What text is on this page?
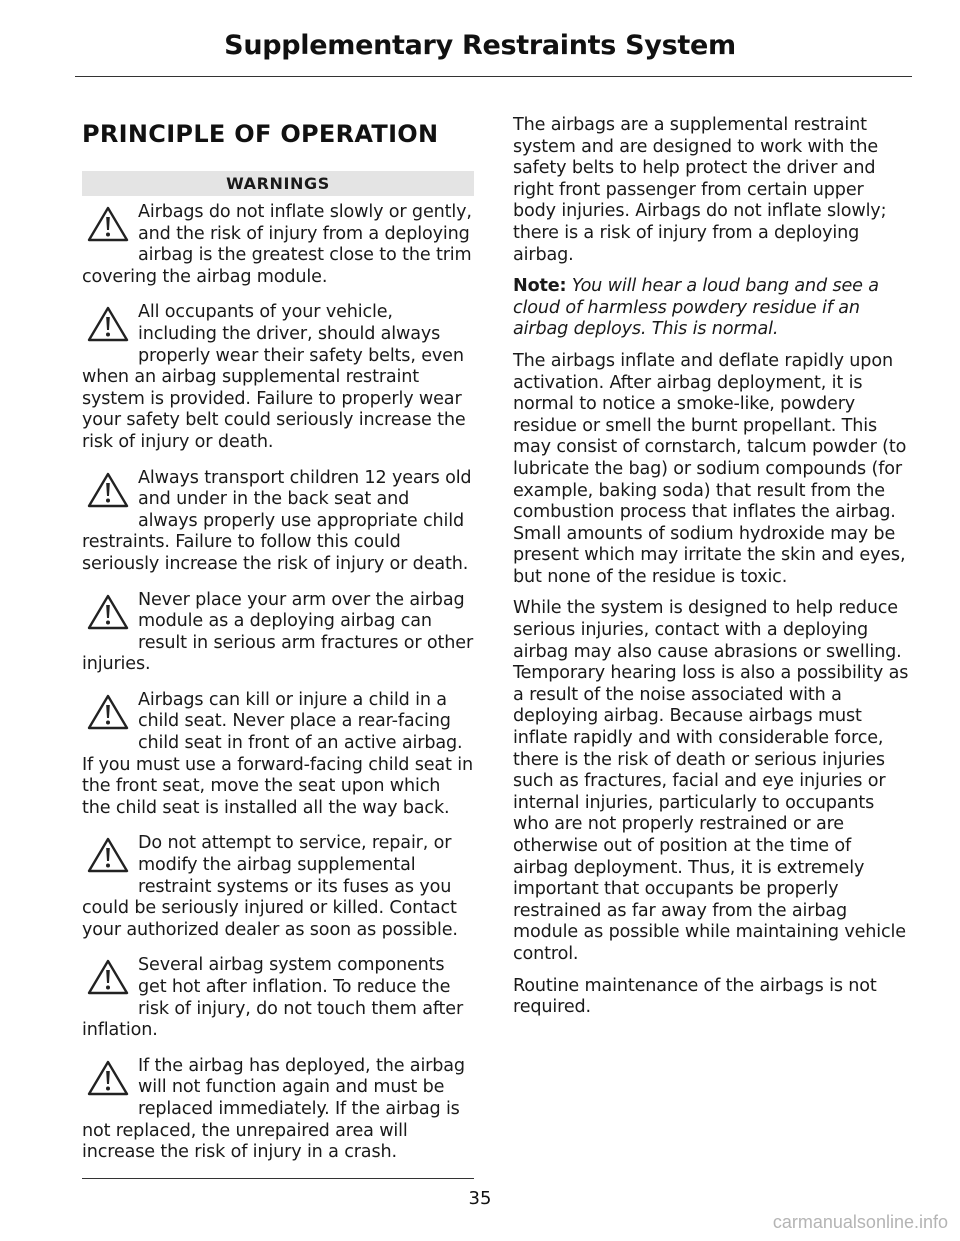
Supplementary Restraints System
PRINCIPLE OF OPERATION
WARNINGS
Airbags do not inflate slowly or gently, and the risk of injury from a deploying airbag is the greatest close to the trim covering the airbag module.
All occupants of your vehicle, including the driver, should always properly wear their safety belts, even when an airbag supplemental restraint system is provided. Failure to properly wear your safety belt could seriously increase the risk of injury or death.
Always transport children 12 years old and under in the back seat and always properly use appropriate child restraints. Failure to follow this could seriously increase the risk of injury or death.
Never place your arm over the airbag module as a deploying airbag can result in serious arm fractures or other injuries.
Airbags can kill or injure a child in a child seat. Never place a rear-facing child seat in front of an active airbag. If you must use a forward-facing child seat in the front seat, move the seat upon which the child seat is installed all the way back.
Do not attempt to service, repair, or modify the airbag supplemental restraint systems or its fuses as you could be seriously injured or killed. Contact your authorized dealer as soon as possible.
Several airbag system components get hot after inflation. To reduce the risk of injury, do not touch them after inflation.
If the airbag has deployed, the airbag will not function again and must be replaced immediately. If the airbag is not replaced, the unrepaired area will increase the risk of injury in a crash.

The airbags are a supplemental restraint system and are designed to work with the safety belts to help protect the driver and right front passenger from certain upper body injuries. Airbags do not inflate slowly; there is a risk of injury from a deploying airbag.

Note: You will hear a loud bang and see a cloud of harmless powdery residue if an airbag deploys. This is normal.

The airbags inflate and deflate rapidly upon activation. After airbag deployment, it is normal to notice a smoke-like, powdery residue or smell the burnt propellant. This may consist of cornstarch, talcum powder (to lubricate the bag) or sodium compounds (for example, baking soda) that result from the combustion process that inflates the airbag. Small amounts of sodium hydroxide may be present which may irritate the skin and eyes, but none of the residue is toxic.

While the system is designed to help reduce serious injuries, contact with a deploying airbag may also cause abrasions or swelling. Temporary hearing loss is also a possibility as a result of the noise associated with a deploying airbag. Because airbags must inflate rapidly and with considerable force, there is the risk of death or serious injuries such as fractures, facial and eye injuries or internal injuries, particularly to occupants who are not properly restrained or are otherwise out of position at the time of airbag deployment. Thus, it is extremely important that occupants be properly restrained as far away from the airbag module as possible while maintaining vehicle control.

Routine maintenance of the airbags is not required.

35
carmanualsonline.info
